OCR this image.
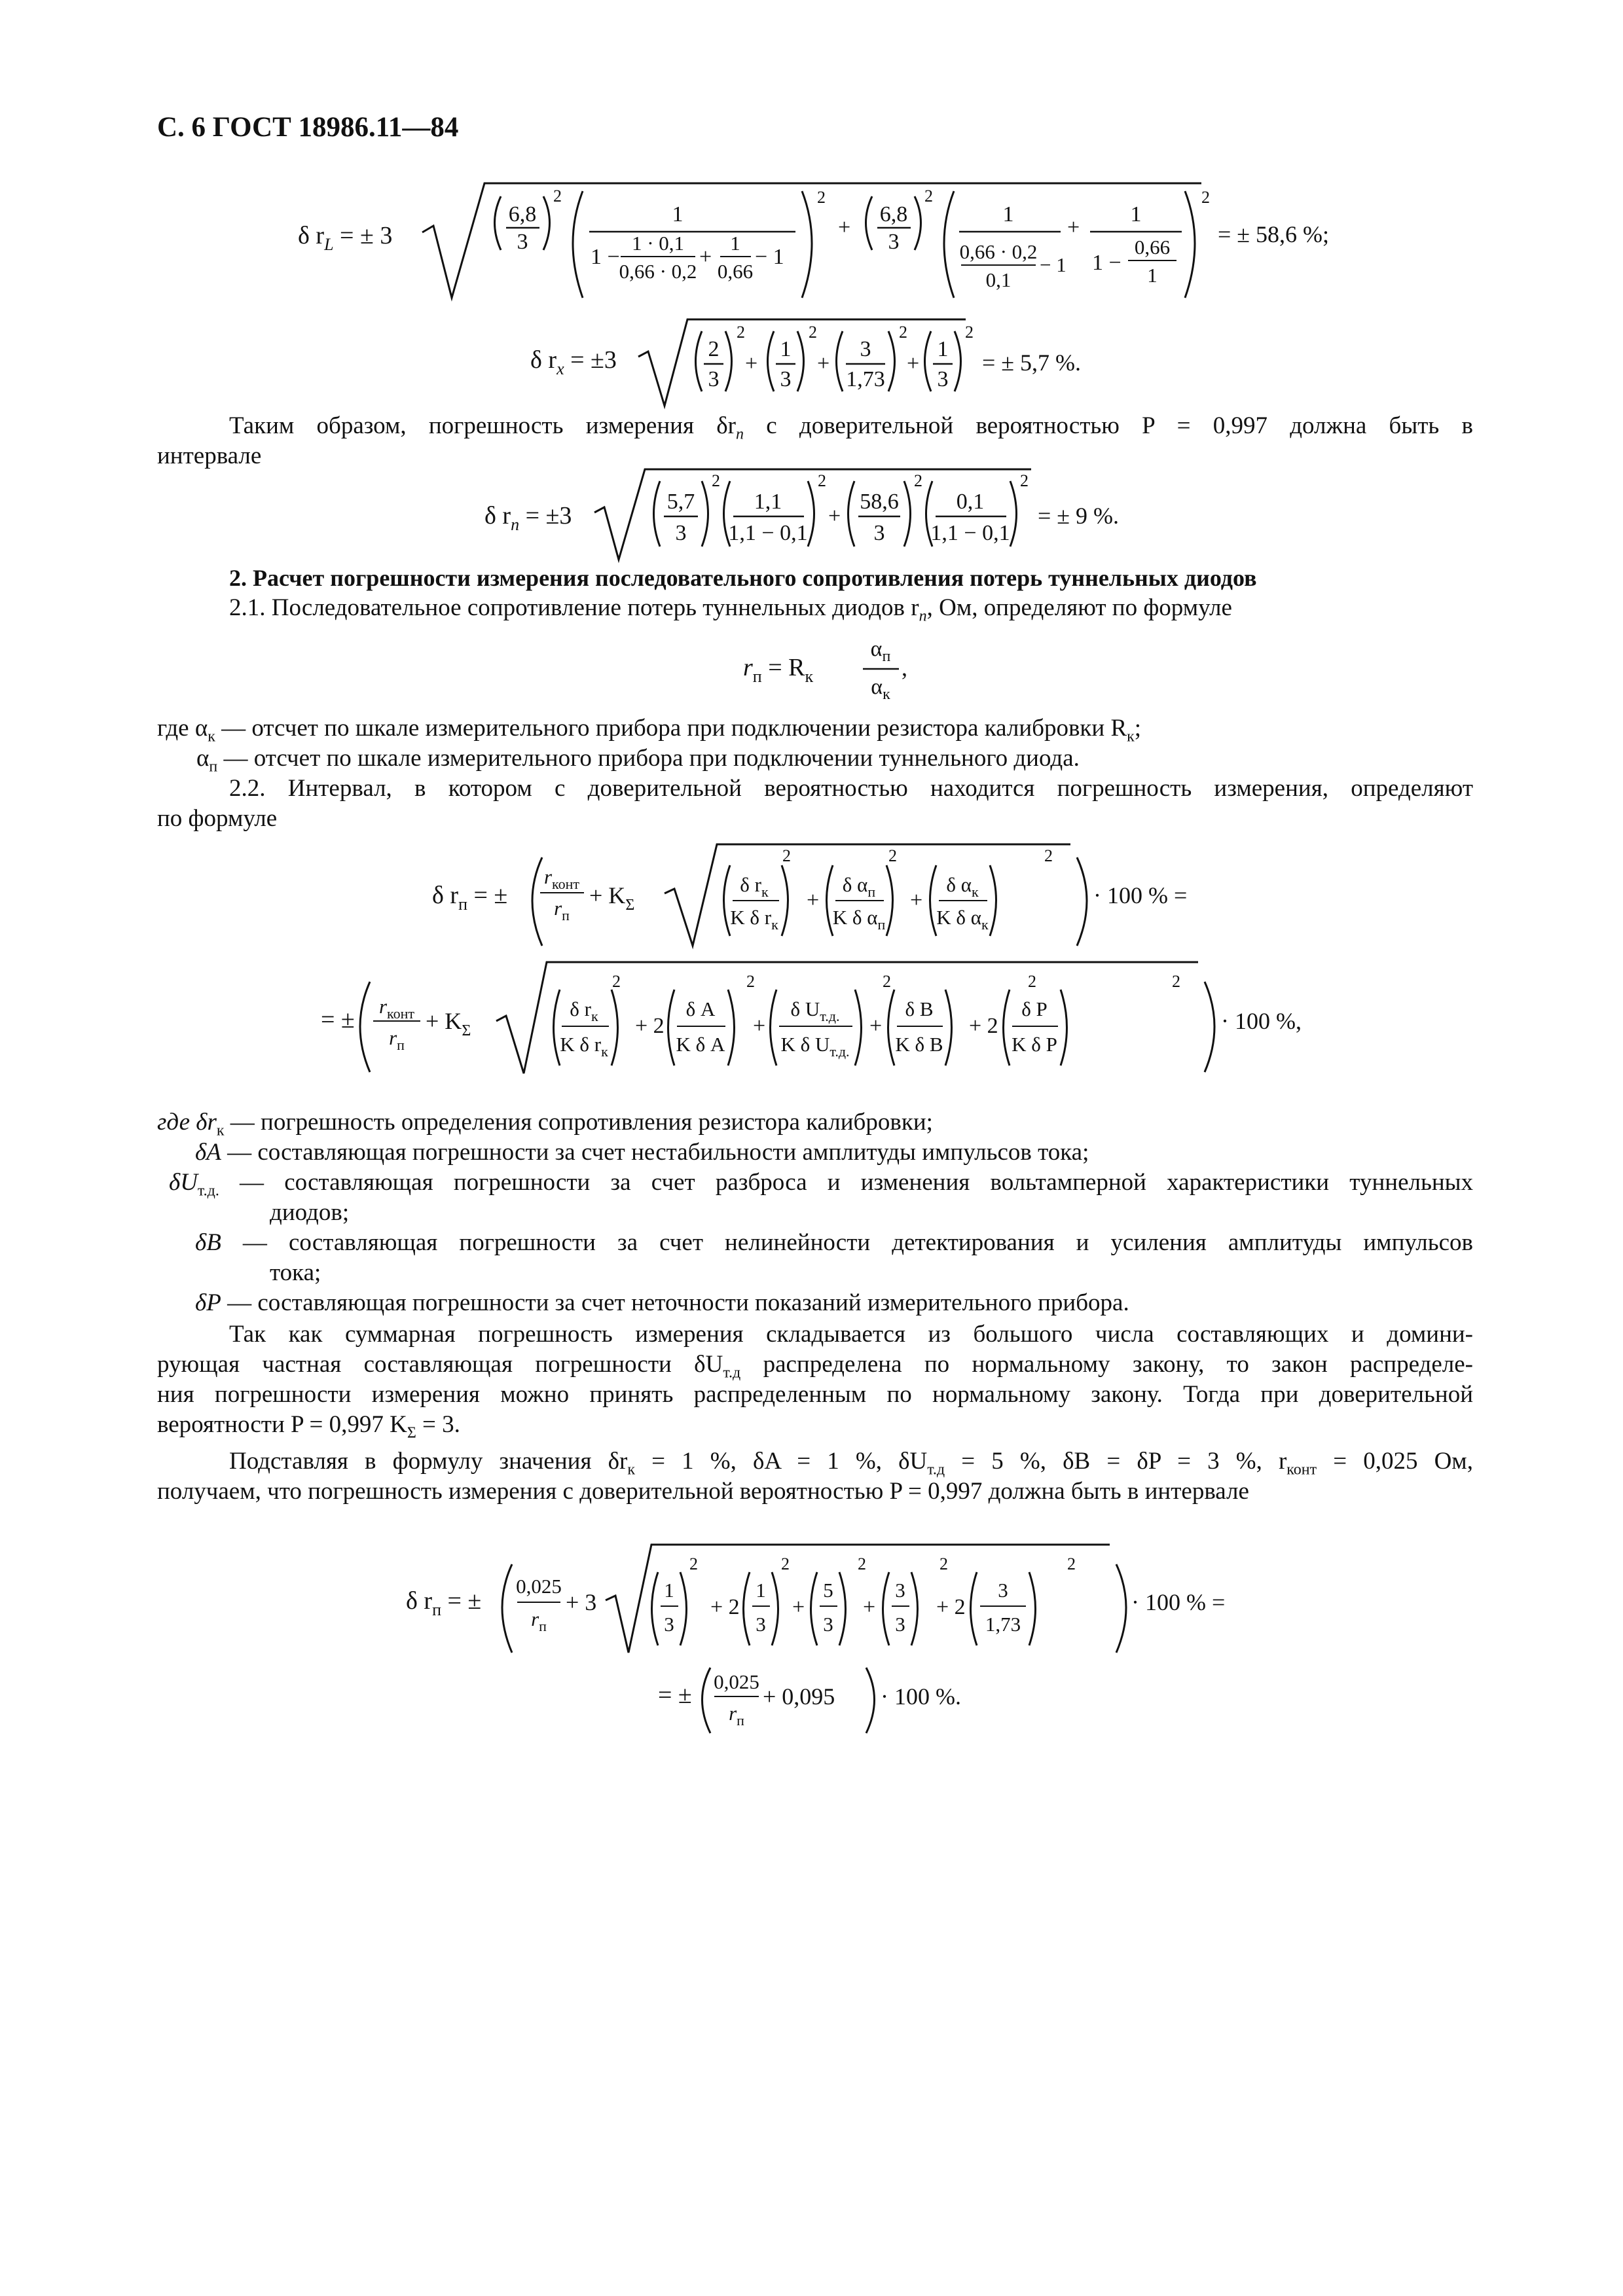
С. 6 ГОСТ 18986.11—84
δ $r_L$ = ± 3
6,8
3
2
1
1 −
1 · 0,1
0,66 · 0,2
+
1
0,66
− 1
2
+
6,8
3
2
1
0,66 · 0,2
0,1
− 1
+
1
1 −
0,66
1
2
= ± 58,6 %;
δ $r_x = \pm 3$	2
3
2
+
1
3
2
+
3
1,73
2
+
1
3
2
= ± 5,7 %.
Таким образом, погрешность измерения $\delta r_п$ с доверительной вероятностью P = 0,997 должна быть в
интервале
δ $r_п = \pm 3$
5,7
3
2
1,1
1,1 − 0,1
2
+
58,6
3
2
0,1
1,1 − 0,1
2
= ± 9 %.
2. Расчет погрешности измерения последовательного сопротивления потерь туннельных диодов
2.1. Последовательное сопротивление потерь туннельных диодов $r_п$, Ом, определяют по формуле
$r_п = R_к$
$\alpha_п$
$\alpha_к$
,
где $\alpha_к$ — отсчет по шкале измерительного прибора при подключении резистора калибровки $R_к$;
$\alpha_п$ — отсчет по шкале измерительного прибора при подключении туннельного диода.
2.2. Интервал, в котором с доверительной вероятностью находится погрешность измерения, определяют
по формуле
δ $r_п$ = ±
$r_{конт}$
$r_п$
+ $K_\Sigma$
δ $r_к$
K δ $r_к$
2
+
δ $\alpha_п$
K δ $\alpha_п$
2
+
δ $\alpha_к$
K δ $\alpha_к$
2
· 100 % =
= ± $r_{конт}$
$r_п$
+ $K_\Sigma$
δ $r_к$
K δ $r_к$
2
+ 2
δ A
K δ A
2
+
δ $U_{т.д.}$
K δ $U_{т.д.}$
2
+
δ B
K δ B
2
+ 2
δ P
K δ P
2
· 100 %,
где $\delta r_к$ — погрешность определения сопротивления резистора калибровки;
δA — составляющая погрешности за счет нестабильности амплитуды импульсов тока;
$\delta U_{т.д.}$ — составляющая погрешности за счет разброса и изменения вольтамперной характеристики туннельных
диодов;
δB — составляющая погрешности за счет нелинейности детектирования и усиления амплитуды импульсов
тока;
δP — составляющая погрешности за счет неточности показаний измерительного прибора.
Так как суммарная погрешность измерения складывается из большого числа составляющих и домини-
рующая частная составляющая погрешности $\delta U_{т.д}$ распределена по нормальному закону, то закон распределе-
ния погрешности измерения можно принять распределенным по нормальному закону. Тогда при доверительной
вероятности P = 0,997 $K_\Sigma = 3$.
Подставляя в формулу значения $\delta r_к = 1$ %, δA = 1 %, $\delta U_{т.д} = 5$ %, δB = δP = 3 %, $r_{конт} = 0,025$ Ом,
получаем, что погрешность измерения с доверительной вероятностью P = 0,997 должна быть в интервале
δ $r_п$ = ±
0,025
$r_п$
+ 3	1
3
2
+ 2
1
3
2
+
5
3
2
+
3
3
2
+ 2
3
1,73
2
· 100 % =
= ± 0,025
$r_п$
+ 0,095 · 100 %.
